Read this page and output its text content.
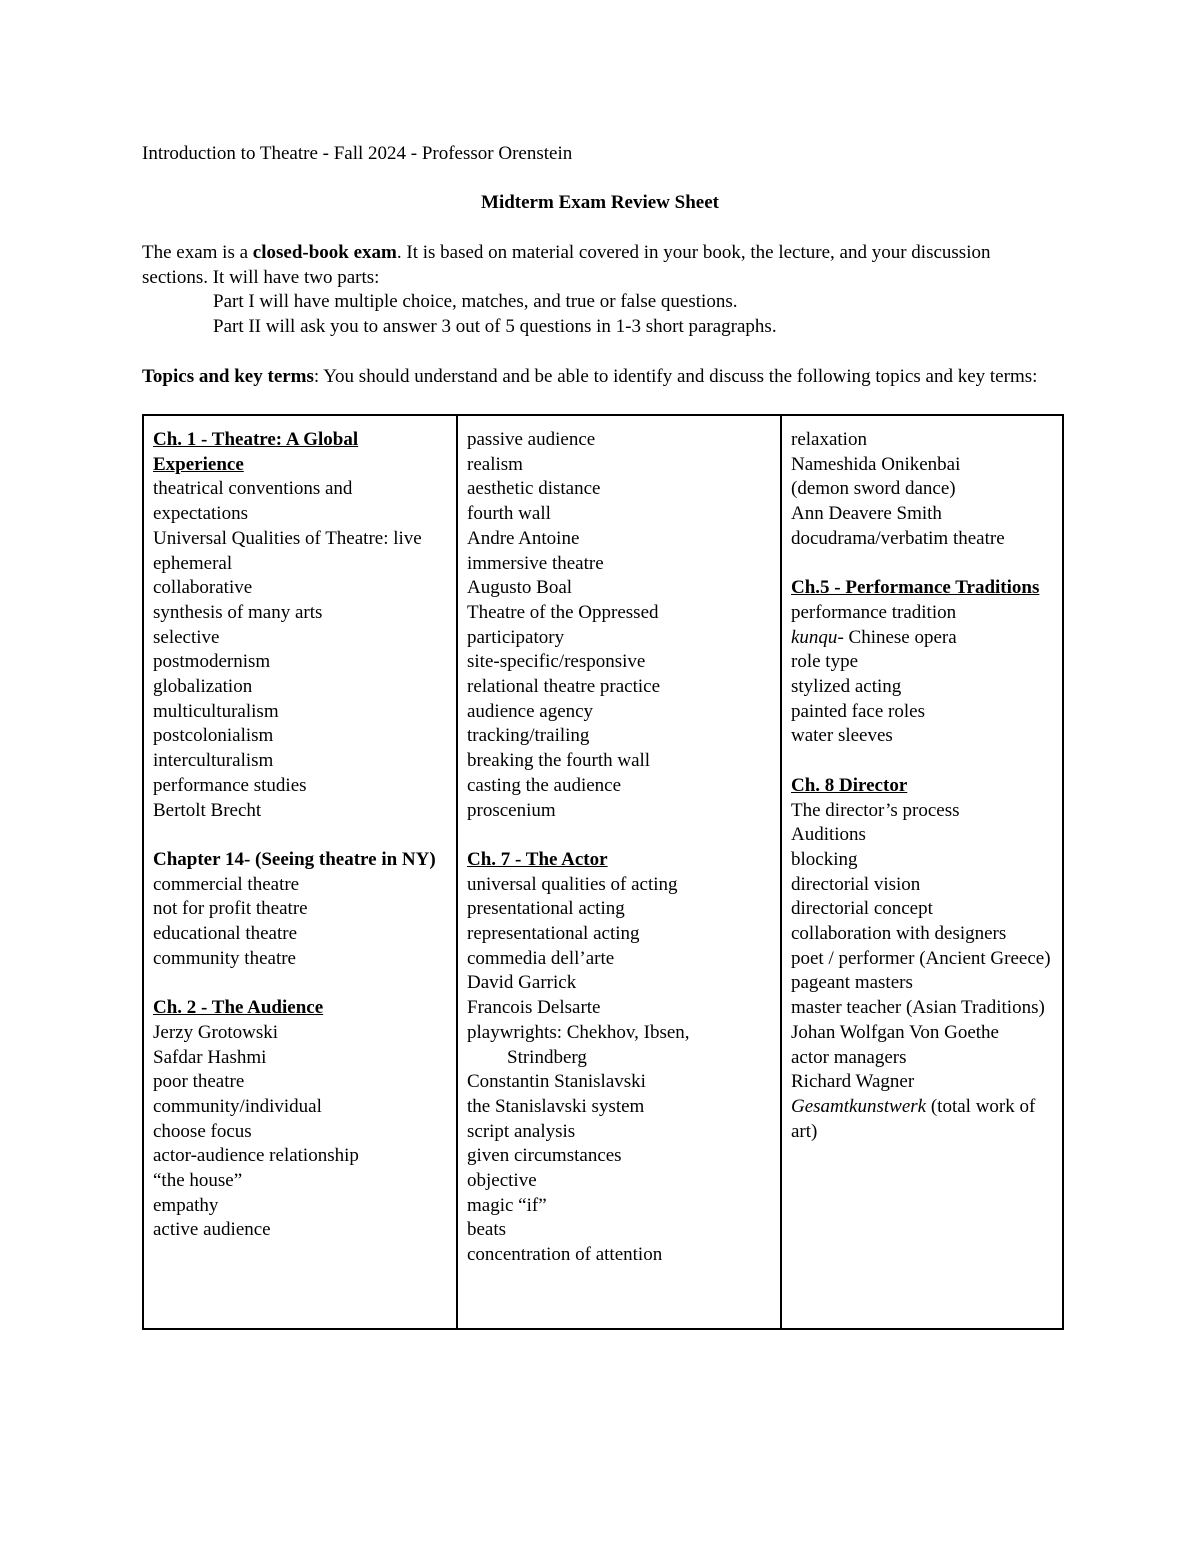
Introduction to Theatre - Fall 2024 - Professor Orenstein
Midterm Exam Review Sheet

The exam is a closed-book exam. It is based on material covered in your book, the lecture, and your discussion sections. It will have two parts:

Part I will have multiple choice, matches, and true or false questions.

Part II will ask you to answer 3 out of 5 questions in 1-3 short paragraphs.

Topics and key terms: You should understand and be able to identify and discuss the following topics and key terms:
Ch. 1 - Theatre: A Global Experience
theatrical conventions and expectations
Universal Qualities of Theatre: live
ephemeral
collaborative
synthesis of many arts
selective
postmodernism
globalization
multiculturalism
postcolonialism
interculturalism
performance studies
Bertolt Brecht
Chapter 14- (Seeing theatre in NY)
commercial theatre
not for profit theatre
educational theatre
community theatre
Ch. 2 - The Audience
Jerzy Grotowski
Safdar Hashmi
poor theatre
community/individual
choose focus
actor-audience relationship
“the house”
empathy
active audience

passive audience
realism
aesthetic distance
fourth wall
Andre Antoine
immersive theatre
Augusto Boal
Theatre of the Oppressed
participatory
site-specific/responsive
relational theatre practice
audience agency
tracking/trailing
breaking the fourth wall
casting the audience
proscenium
Ch. 7 - The Actor
universal qualities of acting
presentational acting
representational acting
commedia dell’arte
David Garrick
Francois Delsarte
playwrights: Chekhov, Ibsen,
Strindberg
Constantin Stanislavski
the Stanislavski system
script analysis
given circumstances
objective
magic “if”
beats
concentration of attention

relaxation
Nameshida Onikenbai
(demon sword dance)
Ann Deavere Smith
docudrama/verbatim theatre
Ch.5 - Performance Traditions
performance tradition
kunqu- Chinese opera
role type
stylized acting
painted face roles
water sleeves
Ch. 8 Director
The director’s process
Auditions
blocking
directorial vision
directorial concept
collaboration with designers
poet / performer (Ancient Greece)
pageant masters
master teacher (Asian Traditions)
Johan Wolfgan Von Goethe
actor managers
Richard Wagner
Gesamtkunstwerk (total work of art)
